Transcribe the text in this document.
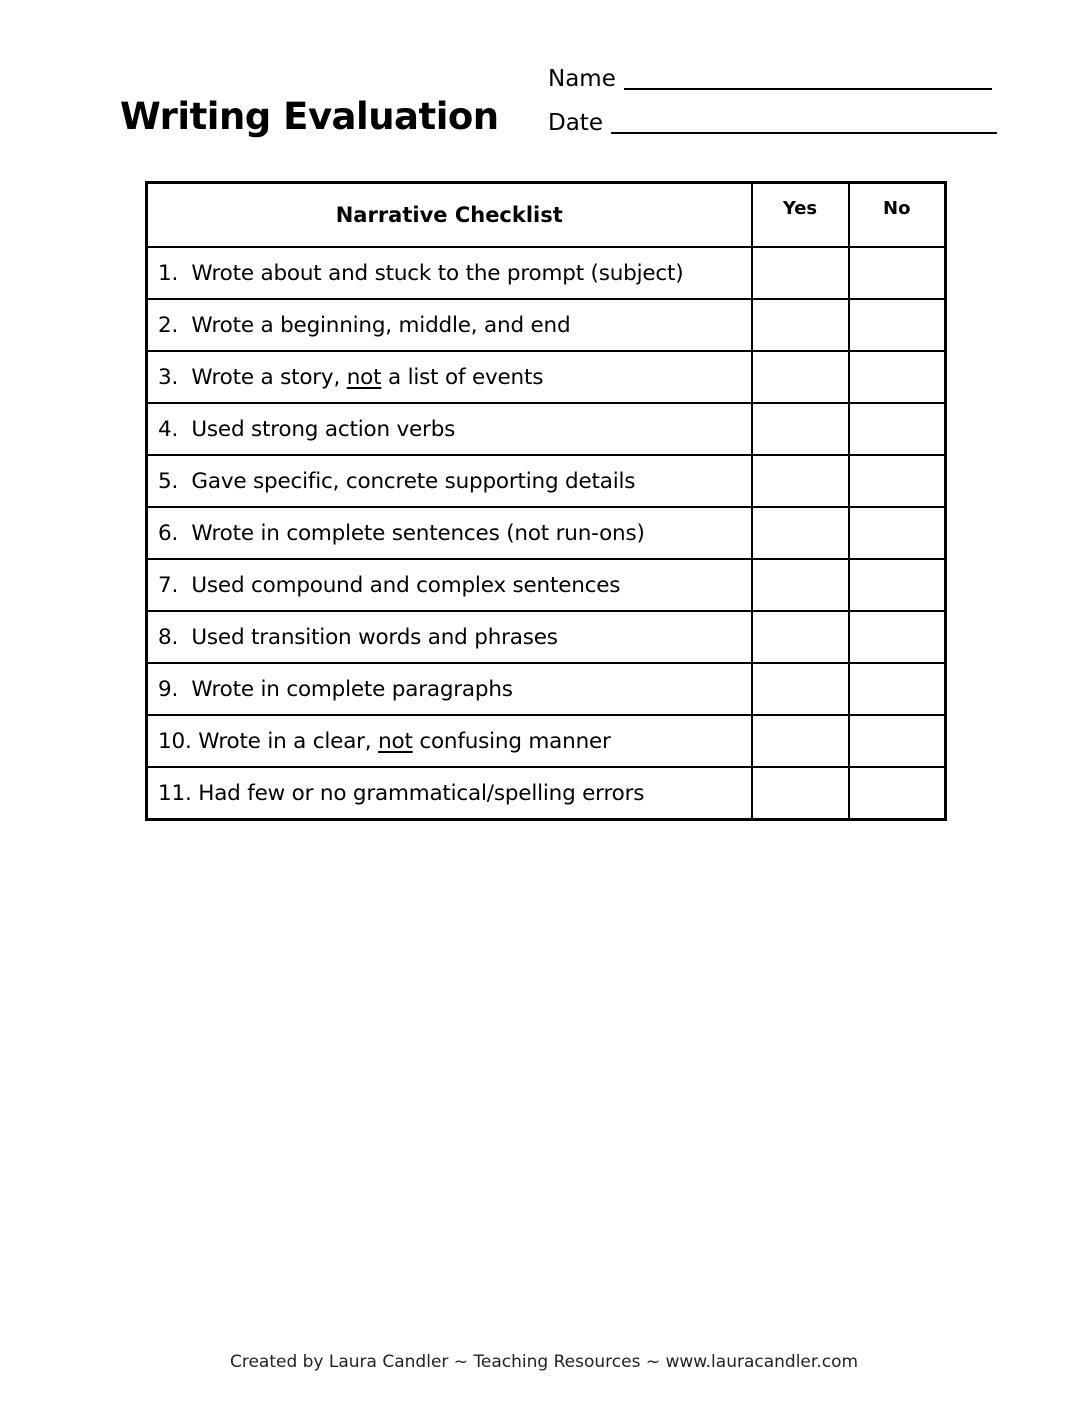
Writing Evaluation
Name
Date
Narrative Checklist	Yes	No
1.  Wrote about and stuck to the prompt (subject)		
2.  Wrote a beginning, middle, and end		
3.  Wrote a story, not a list of events		
4.  Used strong action verbs		
5.  Gave specific, concrete supporting details		
6.  Wrote in complete sentences (not run-ons)		
7.  Used compound and complex sentences		
8.  Used transition words and phrases		
9.  Wrote in complete paragraphs		
10. Wrote in a clear, not confusing manner		
11. Had few or no grammatical/spelling errors		
Created by Laura Candler ~ Teaching Resources ~ www.lauracandler.com
